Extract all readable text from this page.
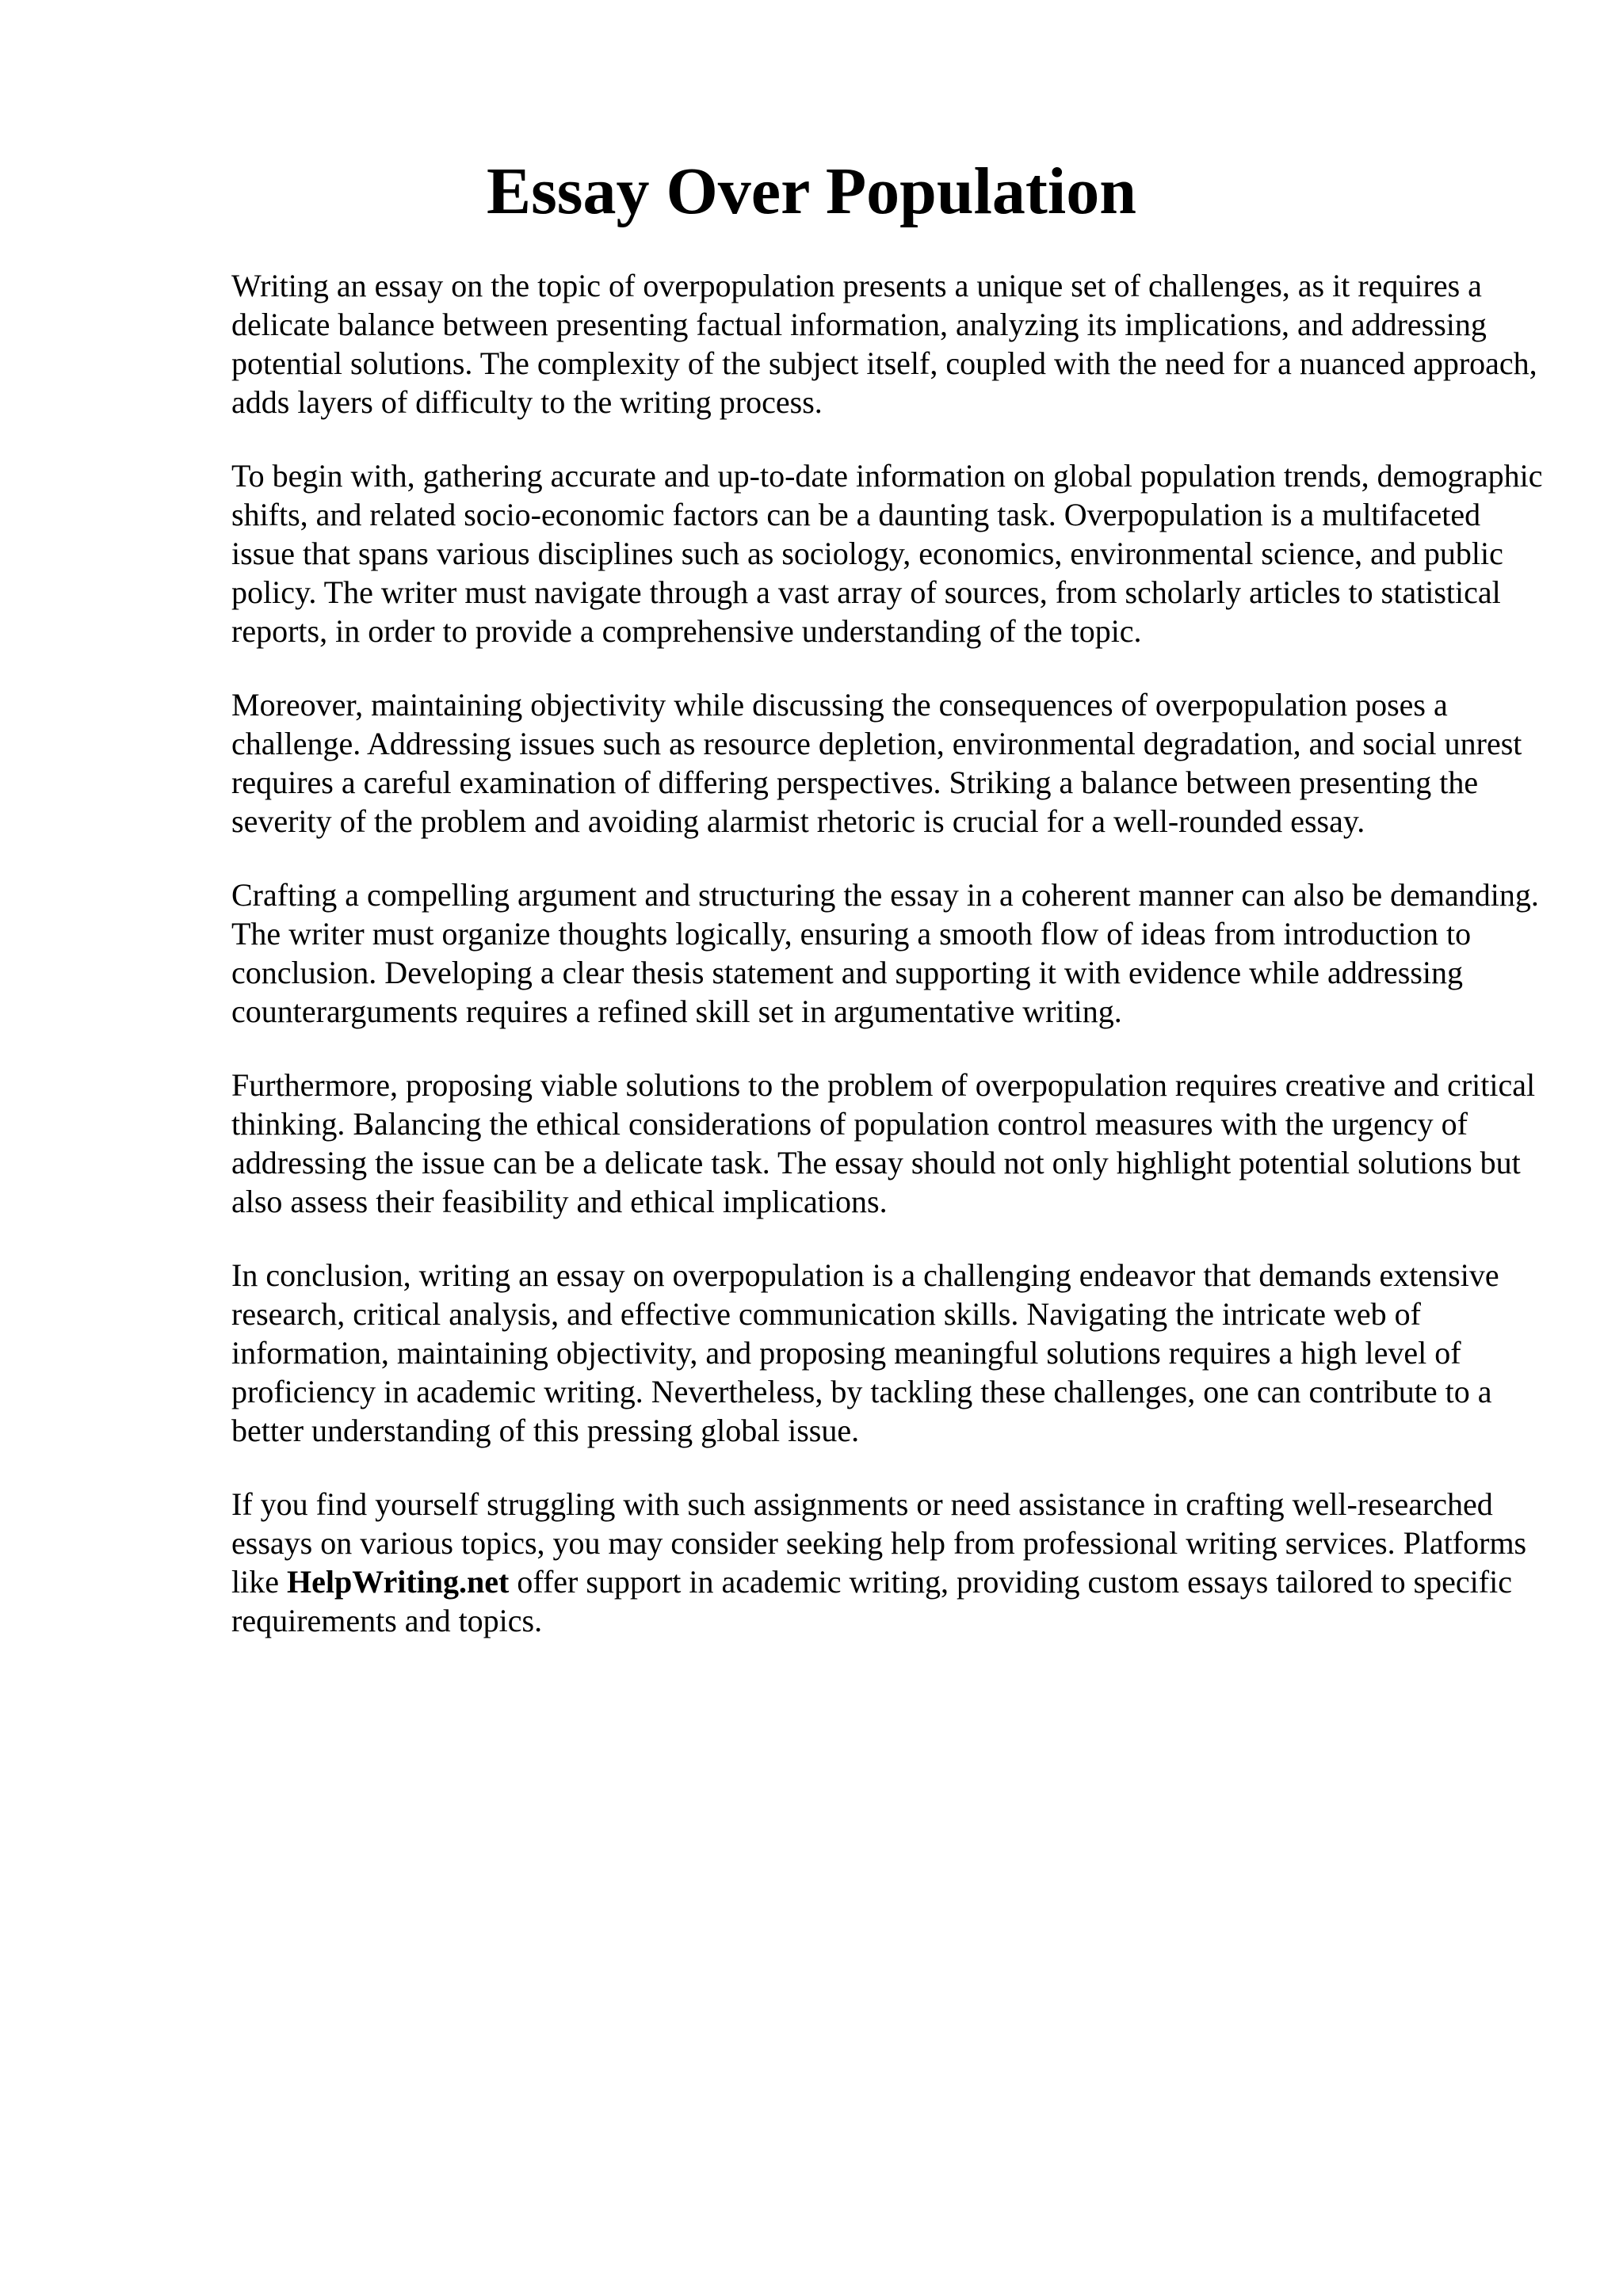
Essay Over Population

Writing an essay on the topic of overpopulation presents a unique set of challenges, as it requires a delicate balance between presenting factual information, analyzing its implications, and addressing potential solutions. The complexity of the subject itself, coupled with the need for a nuanced approach, adds layers of difficulty to the writing process.

To begin with, gathering accurate and up-to-date information on global population trends, demographic shifts, and related socio-economic factors can be a daunting task. Overpopulation is a multifaceted issue that spans various disciplines such as sociology, economics, environmental science, and public policy. The writer must navigate through a vast array of sources, from scholarly articles to statistical reports, in order to provide a comprehensive understanding of the topic.

Moreover, maintaining objectivity while discussing the consequences of overpopulation poses a challenge. Addressing issues such as resource depletion, environmental degradation, and social unrest requires a careful examination of differing perspectives. Striking a balance between presenting the severity of the problem and avoiding alarmist rhetoric is crucial for a well-rounded essay.

Crafting a compelling argument and structuring the essay in a coherent manner can also be demanding. The writer must organize thoughts logically, ensuring a smooth flow of ideas from introduction to conclusion. Developing a clear thesis statement and supporting it with evidence while addressing counterarguments requires a refined skill set in argumentative writing.

Furthermore, proposing viable solutions to the problem of overpopulation requires creative and critical thinking. Balancing the ethical considerations of population control measures with the urgency of addressing the issue can be a delicate task. The essay should not only highlight potential solutions but also assess their feasibility and ethical implications.

In conclusion, writing an essay on overpopulation is a challenging endeavor that demands extensive research, critical analysis, and effective communication skills. Navigating the intricate web of information, maintaining objectivity, and proposing meaningful solutions requires a high level of proficiency in academic writing. Nevertheless, by tackling these challenges, one can contribute to a better understanding of this pressing global issue.

If you find yourself struggling with such assignments or need assistance in crafting well-researched essays on various topics, you may consider seeking help from professional writing services. Platforms like HelpWriting.net offer support in academic writing, providing custom essays tailored to specific requirements and topics.
